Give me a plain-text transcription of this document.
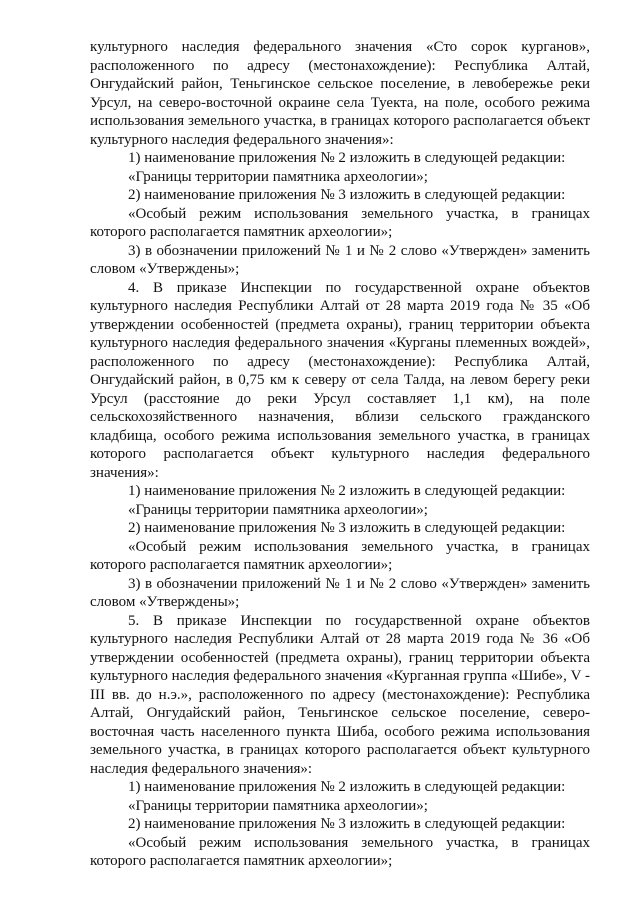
культурного наследия федерального значения «Сто сорок курганов», расположенного по адресу (местонахождение): Республика Алтай, Онгудайский район, Теньгинское сельское поселение, в левобережье реки Урсул, на северо-восточной окраине села Туекта, на поле, особого режима использования земельного участка, в границах которого располагается объект культурного наследия федерального значения»:

1) наименование приложения № 2 изложить в следующей редакции:

«Границы территории памятника археологии»;

2) наименование приложения № 3 изложить в следующей редакции:

«Особый режим использования земельного участка, в границах которого располагается памятник археологии»;

3) в обозначении приложений № 1 и № 2 слово «Утвержден» заменить словом «Утверждены»;

4. В приказе Инспекции по государственной охране объектов культурного наследия Республики Алтай от 28 марта 2019 года № 35 «Об утверждении особенностей (предмета охраны), границ территории объекта культурного наследия федерального значения «Курганы племенных вождей», расположенного по адресу (местонахождение): Республика Алтай, Онгудайский район, в 0,75 км к северу от села Талда, на левом берегу реки Урсул (расстояние до реки Урсул составляет 1,1 км), на поле сельскохозяйственного назначения, вблизи сельского гражданского кладбища, особого режима использования земельного участка, в границах которого располагается объект культурного наследия федерального значения»:

1) наименование приложения № 2 изложить в следующей редакции:

«Границы территории памятника археологии»;

2) наименование приложения № 3 изложить в следующей редакции:

«Особый режим использования земельного участка, в границах которого располагается памятник археологии»;

3) в обозначении приложений № 1 и № 2 слово «Утвержден» заменить словом «Утверждены»;

5. В приказе Инспекции по государственной охране объектов культурного наследия Республики Алтай от 28 марта 2019 года № 36 «Об утверждении особенностей (предмета охраны), границ территории объекта культурного наследия федерального значения «Курганная группа «Шибе», V - III вв. до н.э.», расположенного по адресу (местонахождение): Республика Алтай, Онгудайский район, Теньгинское сельское поселение, северо-восточная часть населенного пункта Шиба, особого режима использования земельного участка, в границах которого располагается объект культурного наследия федерального значения»:

1) наименование приложения № 2 изложить в следующей редакции:

«Границы территории памятника археологии»;

2) наименование приложения № 3 изложить в следующей редакции:

«Особый режим использования земельного участка, в границах которого располагается памятник археологии»;
